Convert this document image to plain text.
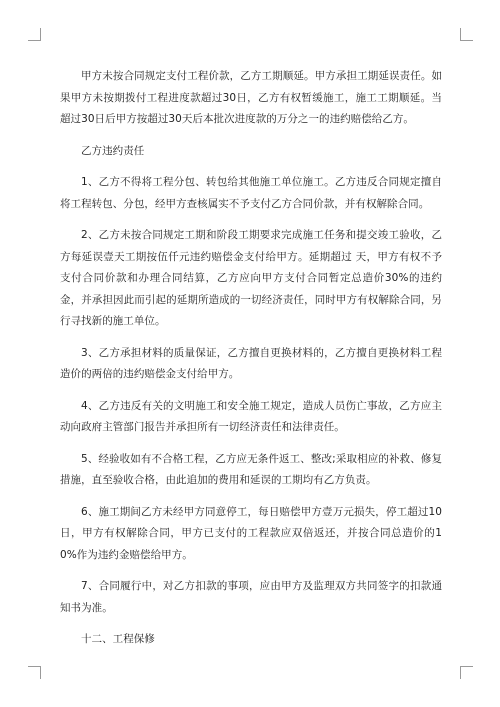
甲方未按合同规定支付工程价款，乙方工期顺延。甲方承担工期延误责任。如果甲方未按期拨付工程进度款超过30日，乙方有权暂缓施工，施工工期顺延。当超过30日后甲方按超过30天后本批次进度款的万分之一的违约赔偿给乙方。

乙方违约责任

1、乙方不得将工程分包、转包给其他施工单位施工。乙方违反合同规定擅自将工程转包、分包，经甲方查核属实不予支付乙方合同价款，并有权解除合同。

2、乙方未按合同规定工期和阶段工期要求完成施工任务和提交竣工验收，乙方每延误壹天工期按伍仟元违约赔偿金支付给甲方。延期超过 天，甲方有权不予支付合同价款和办理合同结算，乙方应向甲方支付合同暂定总造价30%的违约金，并承担因此而引起的延期所造成的一切经济责任，同时甲方有权解除合同，另行寻找新的施工单位。

3、乙方承担材料的质量保证，乙方擅自更换材料的，乙方擅自更换材料工程造价的两倍的违约赔偿金支付给甲方。

4、乙方违反有关的文明施工和安全施工规定，造成人员伤亡事故，乙方应主动向政府主管部门报告并承担所有一切经济责任和法律责任。

5、经验收如有不合格工程，乙方应无条件返工、整改;采取相应的补救、修复措施，直至验收合格，由此追加的费用和延误的工期均有乙方负责。

6、施工期间乙方未经甲方同意停工，每日赔偿甲方壹万元损失，停工超过10日，甲方有权解除合同，甲方已支付的工程款应双倍返还，并按合同总造价的10%作为违约金赔偿给甲方。

7、合同履行中，对乙方扣款的事项，应由甲方及监理双方共同签字的扣款通知书为准。

十二、工程保修
